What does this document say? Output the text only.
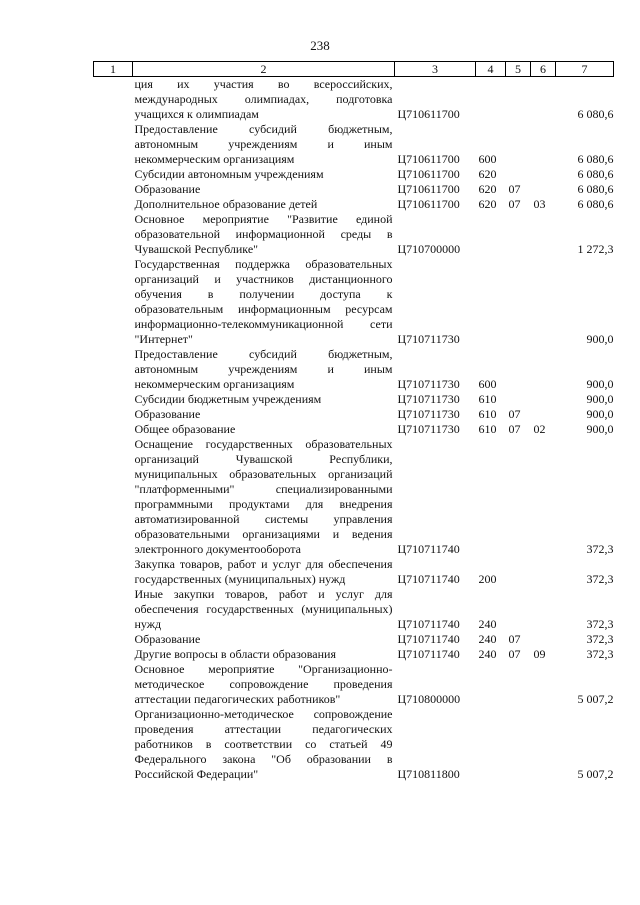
238
1	2	3	4	5	6	7
	ция их участия во всероссийских, международных олимпиадах, подготовка учащихся к олимпиадам	Ц710611700				6 080,6
	Предоставление субсидий бюджетным, автономным учреждениям и иным некоммерческим организациям	Ц710611700	600			6 080,6
	Субсидии автономным учреждениям	Ц710611700	620			6 080,6
	Образование	Ц710611700	620	07		6 080,6
	Дополнительное образование детей	Ц710611700	620	07	03	6 080,6
	Основное мероприятие "Развитие единой образовательной информационной среды в Чувашской Республике"	Ц710700000				1 272,3
	Государственная поддержка образовательных организаций и участников дистанционного обучения в получении доступа к образовательным информационным ресурсам информационно-телекоммуникационной сети "Интернет"	Ц710711730				900,0
	Предоставление субсидий бюджетным, автономным учреждениям и иным некоммерческим организациям	Ц710711730	600			900,0
	Субсидии бюджетным учреждениям	Ц710711730	610			900,0
	Образование	Ц710711730	610	07		900,0
	Общее образование	Ц710711730	610	07	02	900,0
	Оснащение государственных образовательных организаций Чувашской Республики, муниципальных образовательных организаций "платформенными" специализированными программными продуктами для внедрения автоматизированной системы управления образовательными организациями и ведения электронного документооборота	Ц710711740				372,3
	Закупка товаров, работ и услуг для обеспечения государственных (муниципальных) нужд	Ц710711740	200			372,3
	Иные закупки товаров, работ и услуг для обеспечения государственных (муниципальных) нужд	Ц710711740	240			372,3
	Образование	Ц710711740	240	07		372,3
	Другие вопросы в области образования	Ц710711740	240	07	09	372,3
	Основное мероприятие "Организационно-методическое сопровождение проведения аттестации педагогических работников"	Ц710800000				5 007,2
	Организационно-методическое сопровождение проведения аттестации педагогических работников в соответствии со статьей 49 Федерального закона "Об образовании в Российской Федерации"	Ц710811800				5 007,2
